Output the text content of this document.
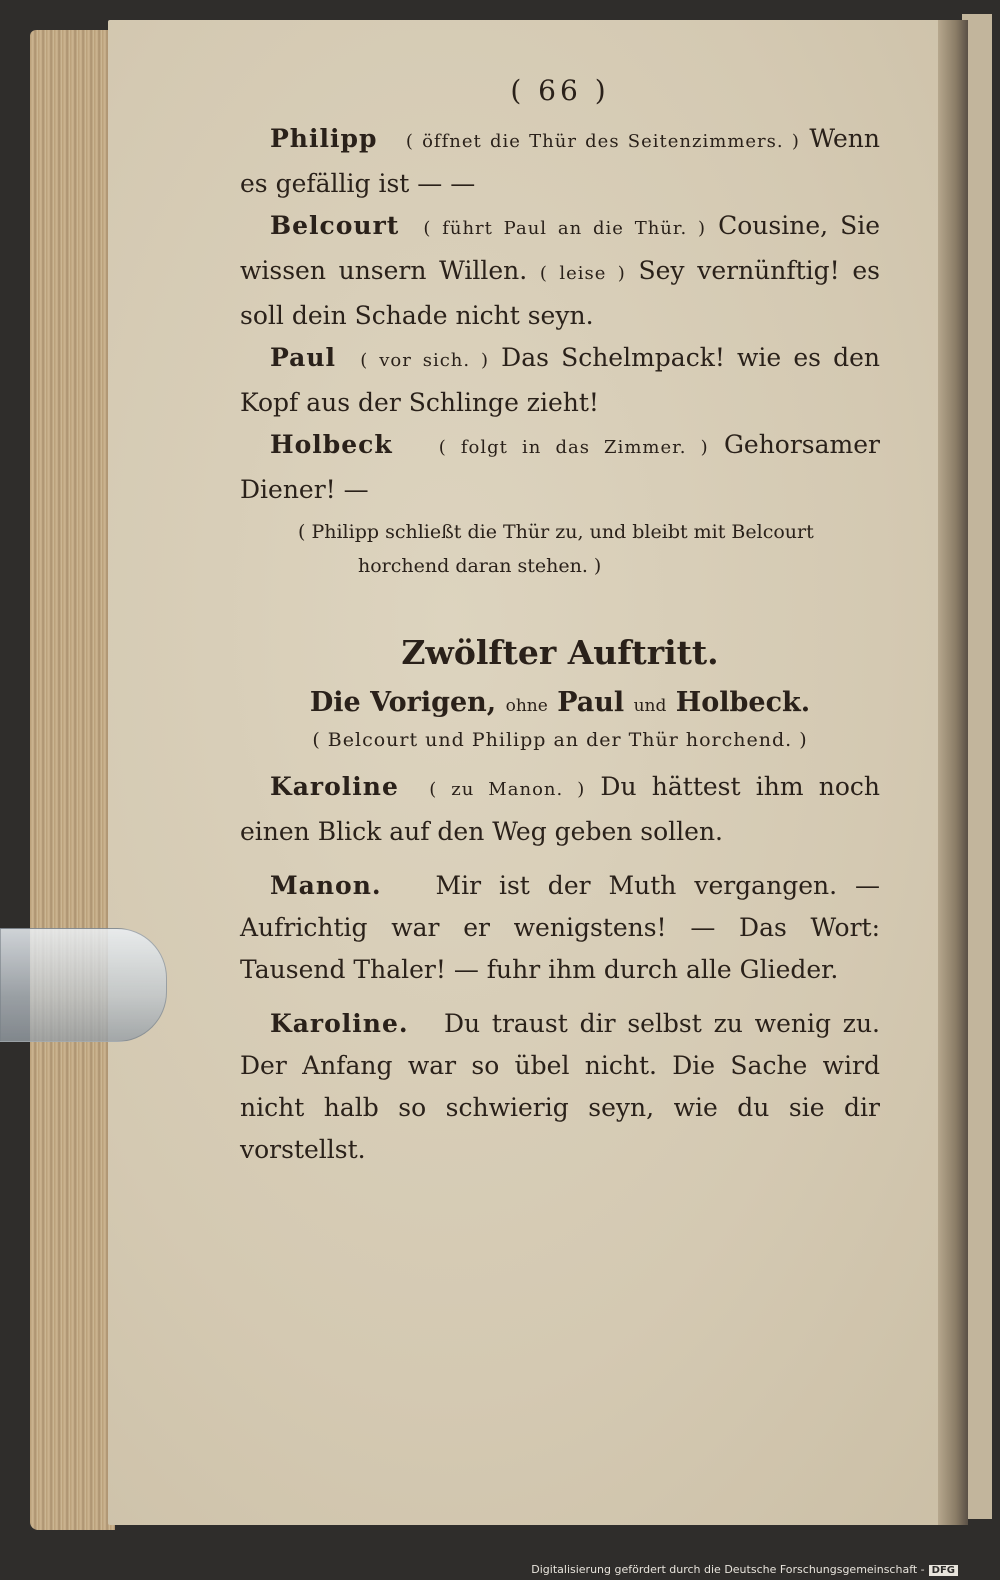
( 66 )

Philipp ( öffnet die Thür des Seitenzimmers. ) Wenn es gefällig ist — —

Belcourt ( führt Paul an die Thür. ) Cousine, Sie wissen unsern Willen. ( leise ) Sey vernünftig! es soll dein Schade nicht seyn.

Paul ( vor sich. ) Das Schelmpack! wie es den Kopf aus der Schlinge zieht!

Holbeck	( folgt in das Zimmer. ) Gehorsamer Diener! —

( Philipp schließt die Thür zu, und bleibt mit Belcourt
horchend daran stehen. )
Zwölfter Auftritt.
Die Vorigen, ohne Paul und Holbeck.
( Belcourt und Philipp an der Thür horchend. )

Karoline ( zu Manon. ) Du hättest ihm noch einen Blick auf den Weg geben sollen.

Manon. Mir ist der Muth vergangen. — Aufrichtig war er wenigstens! — Das Wort: Tausend Thaler! — fuhr ihm durch alle Glieder.

Karoline. Du traust dir selbst zu wenig zu. Der Anfang war so übel nicht. Die Sache wird nicht halb so schwierig seyn, wie du sie dir vorstellst.

Digitalisierung gefördert durch die Deutsche Forschungsgemeinschaft - DFG
